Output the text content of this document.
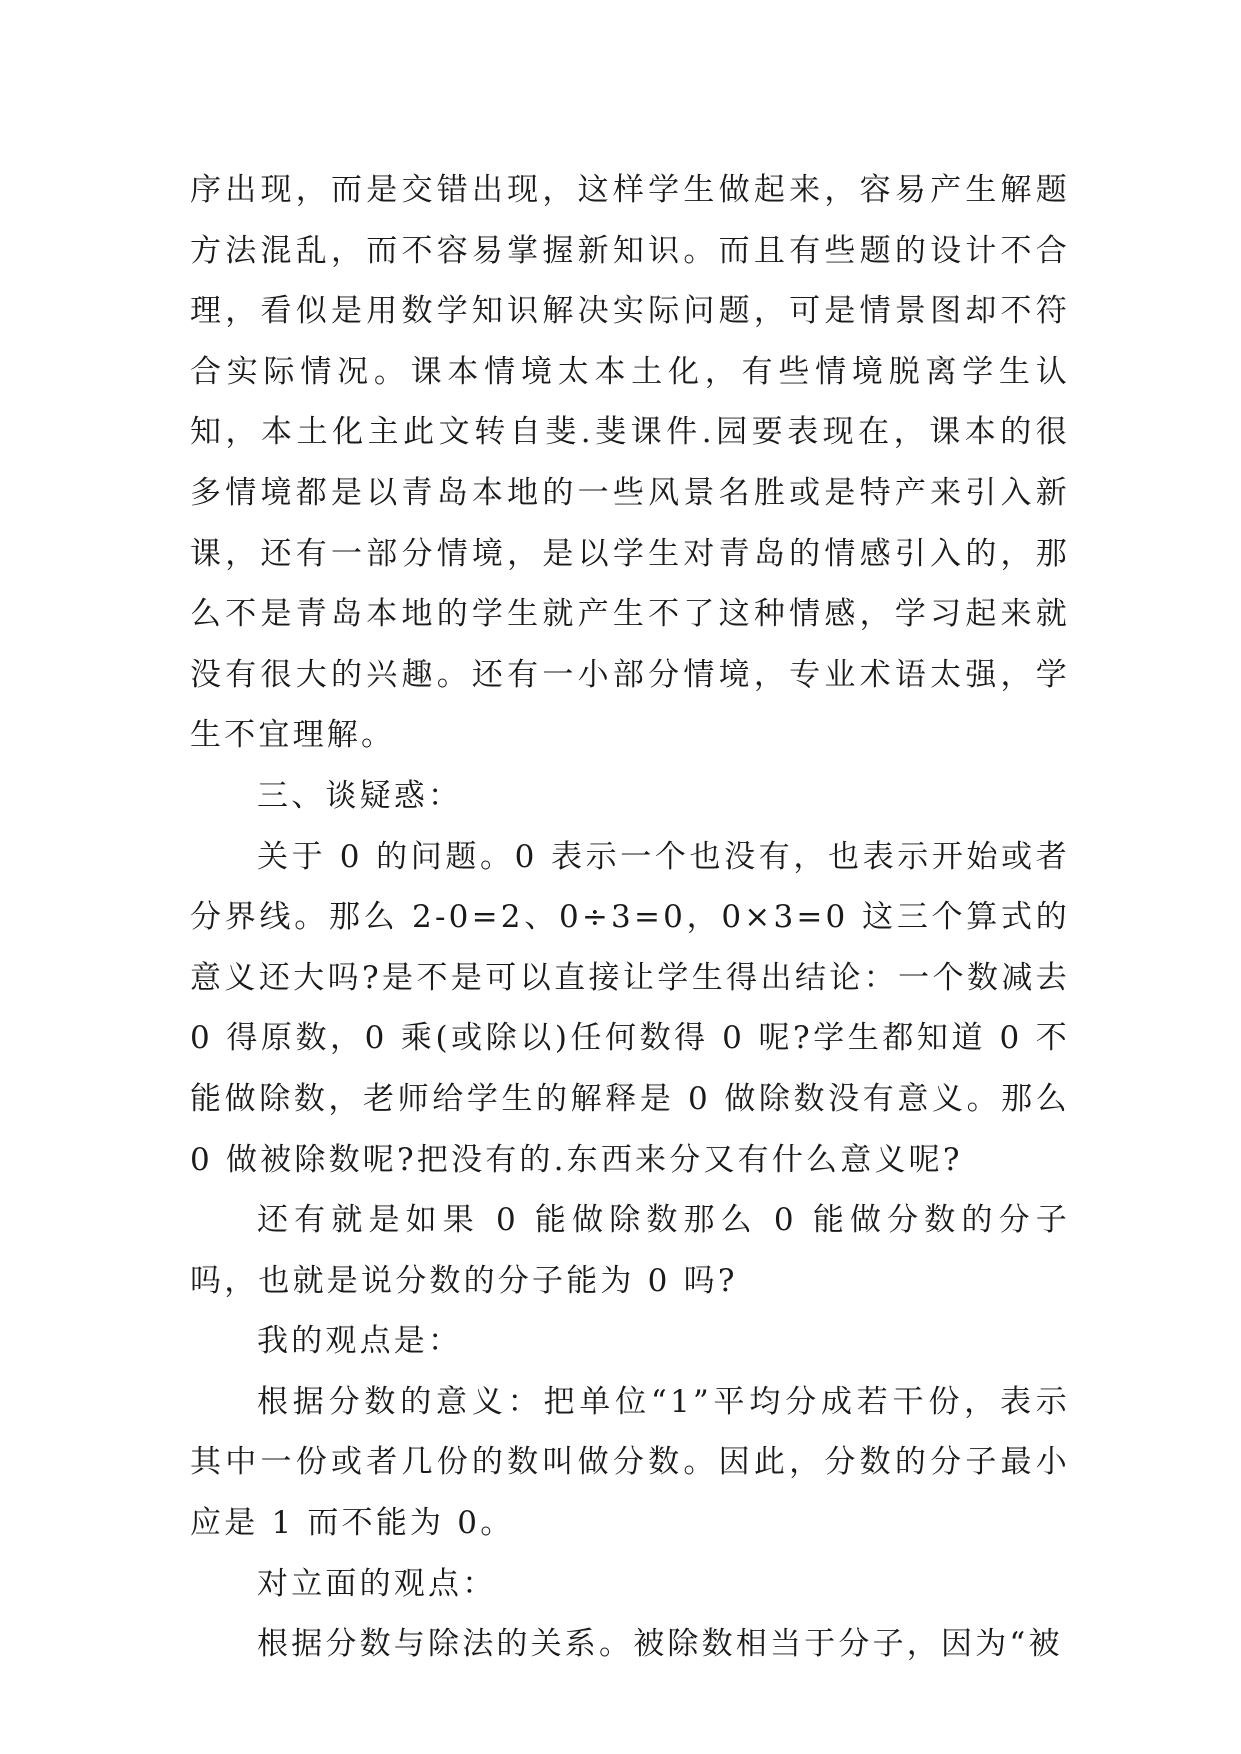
序出现，而是交错出现，这样学生做起来，容易产生解题方法混乱，而不容易掌握新知识。而且有些题的设计不合理，看似是用数学知识解决实际问题，可是情景图却不符合实际情况。课本情境太本土化，有些情境脱离学生认知，本土化主此文转自斐.斐课件.园要表现在，课本的很多情境都是以青岛本地的一些风景名胜或是特产来引入新课，还有一部分情境，是以学生对青岛的情感引入的，那么不是青岛本地的学生就产生不了这种情感，学习起来就没有很大的兴趣。还有一小部分情境，专业术语太强，学生不宜理解。

三、谈疑惑：

关于 0 的问题。0 表示一个也没有，也表示开始或者分界线。那么 2-0=2、0÷3=0，0×3=0 这三个算式的意义还大吗?是不是可以直接让学生得出结论：一个数减去 0 得原数，0 乘(或除以)任何数得 0 呢?学生都知道 0 不能做除数，老师给学生的解释是 0 做除数没有意义。那么 0 做被除数呢?把没有的.东西来分又有什么意义呢?

还有就是如果 0 能做除数那么 0 能做分数的分子吗，也就是说分数的分子能为 0 吗?

我的观点是：

根据分数的意义：把单位“1”平均分成若干份，表示其中一份或者几份的数叫做分数。因此，分数的分子最小应是 1 而不能为 0。

对立面的观点：

根据分数与除法的关系。被除数相当于分子，因为“被
